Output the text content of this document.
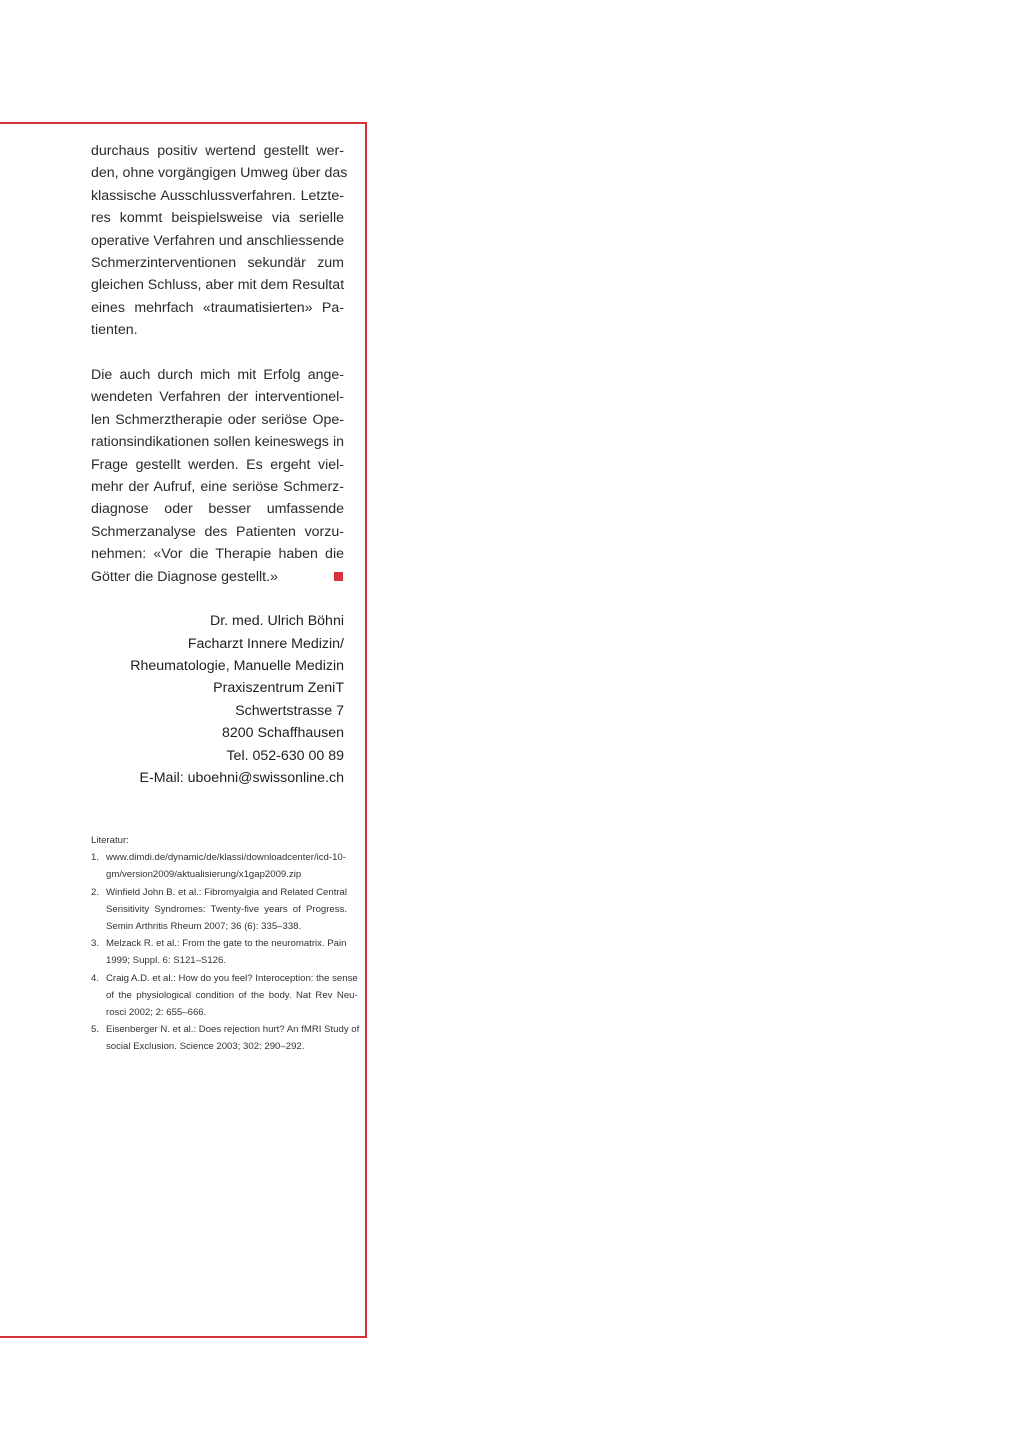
durchaus positiv wertend gestellt wer-
den, ohne vorgängigen Umweg über das
klassische Ausschlussverfahren. Letzte-
res kommt beispielsweise via serielle
operative Verfahren und anschliessende
Schmerzinterventionen sekundär zum
gleichen Schluss, aber mit dem Resultat
eines mehrfach «traumatisierten» Pa-
tienten.

Die auch durch mich mit Erfolg ange-
wendeten Verfahren der interventionel-
len Schmerztherapie oder seriöse Ope-
rationsindikationen sollen keineswegs in
Frage gestellt werden. Es ergeht viel-
mehr der Aufruf, eine seriöse Schmerz-
diagnose oder besser umfassende
Schmerzanalyse des Patienten vorzu-
nehmen: «Vor die Therapie haben die
Götter die Diagnose gestellt.»

Dr. med. Ulrich Böhni
Facharzt Innere Medizin/
Rheumatologie, Manuelle Medizin
Praxiszentrum ZeniT
Schwertstrasse 7
8200 Schaffhausen
Tel. 052-630 00 89
E-Mail: uboehni@swissonline.ch
Literatur:
1. www.dimdi.de/dynamic/de/klassi/downloadcenter/icd-10-
gm/version2009/aktualisierung/x1gap2009.zip
2. Winfield John B. et al.: Fibromyalgia and Related Central
Sensitivity Syndromes: Twenty-five years of Progress.
Semin Arthritis Rheum 2007; 36 (6): 335–338.
3. Melzack R. et al.: From the gate to the neuromatrix. Pain
1999; Suppl. 6: S121–S126.
4. Craig A.D. et al.: How do you feel? Interoception: the sense
of the physiological condition of the body. Nat Rev Neu-
rosci 2002; 2: 655–666.
5. Eisenberger N. et al.: Does rejection hurt? An fMRI Study of
social Exclusion. Science 2003; 302: 290–292.
